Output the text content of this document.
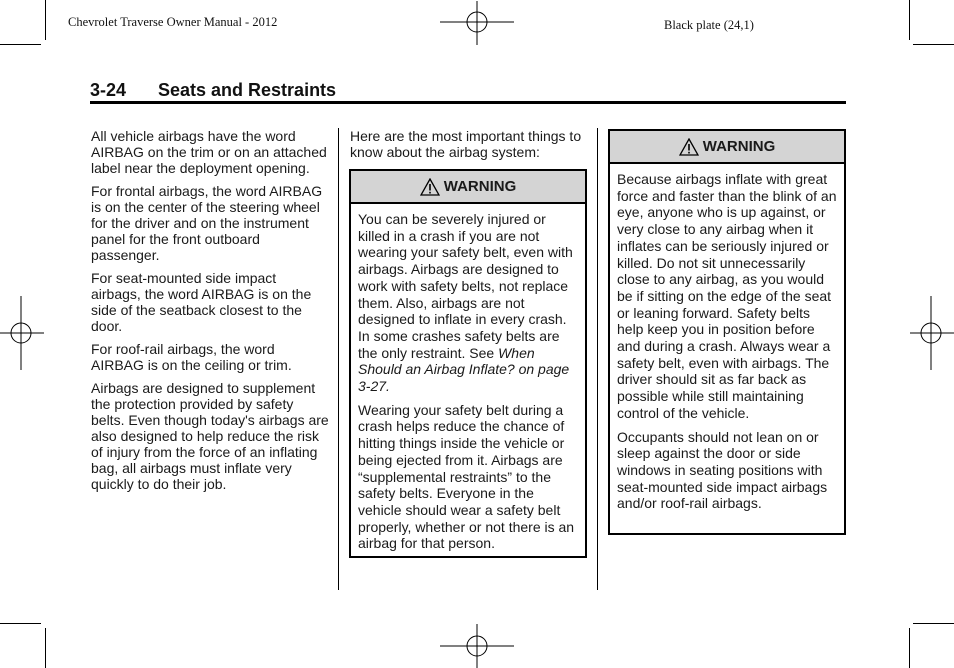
Chevrolet Traverse Owner Manual - 2012	Black plate (24,1)
3-24 Seats and Restraints

All vehicle airbags have the word AIRBAG on the trim or on an attached label near the deployment opening.

For frontal airbags, the word AIRBAG is on the center of the steering wheel for the driver and on the instrument panel for the front outboard passenger.

For seat-mounted side impact airbags, the word AIRBAG is on the side of the seatback closest to the door.

For roof-rail airbags, the word AIRBAG is on the ceiling or trim.

Airbags are designed to supplement the protection provided by safety belts. Even though today's airbags are also designed to help reduce the risk of injury from the force of an inflating bag, all airbags must inflate very quickly to do their job.

Here are the most important things to know about the airbag system:

WARNING

You can be severely injured or killed in a crash if you are not wearing your safety belt, even with airbags. Airbags are designed to work with safety belts, not replace them. Also, airbags are not designed to inflate in every crash. In some crashes safety belts are the only restraint. See When Should an Airbag Inflate? on page 3-27.

Wearing your safety belt during a crash helps reduce the chance of hitting things inside the vehicle or being ejected from it. Airbags are “supplemental restraints” to the safety belts. Everyone in the vehicle should wear a safety belt properly, whether or not there is an airbag for that person.

WARNING

Because airbags inflate with great force and faster than the blink of an eye, anyone who is up against, or very close to any airbag when it inflates can be seriously injured or killed. Do not sit unnecessarily close to any airbag, as you would be if sitting on the edge of the seat or leaning forward. Safety belts help keep you in position before and during a crash. Always wear a safety belt, even with airbags. The driver should sit as far back as possible while still maintaining control of the vehicle.

Occupants should not lean on or sleep against the door or side windows in seating positions with seat-mounted side impact airbags and/or roof-rail airbags.
